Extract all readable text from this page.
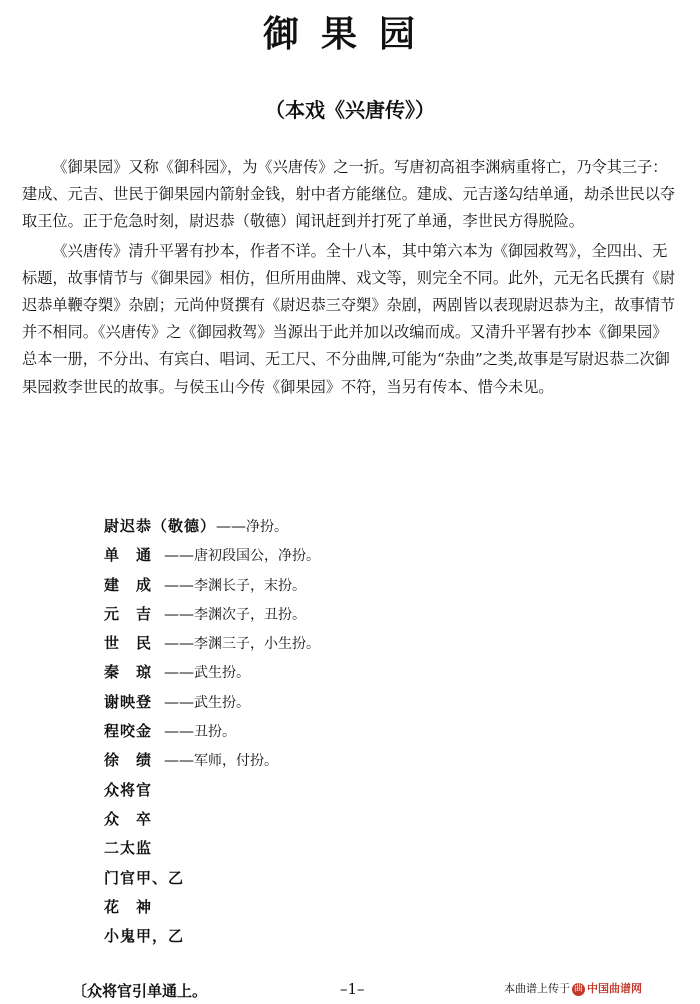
御果园
（本戏《兴唐传》）

《御果园》又称《御科园》，为《兴唐传》之一折。写唐初高祖李渊病重将亡，乃令其三子：建成、元吉、世民于御果园内箭射金钱，射中者方能继位。建成、元吉遂勾结单通，劫杀世民以夺取王位。正于危急时刻，尉迟恭（敬德）闻讯赶到并打死了单通，李世民方得脱险。

《兴唐传》清升平署有抄本，作者不详。全十八本，其中第六本为《御园救驾》，全四出、无标题，故事情节与《御果园》相仿，但所用曲牌、戏文等，则完全不同。此外，元无名氏撰有《尉迟恭单鞭夺槊》杂剧；元尚仲贤撰有《尉迟恭三夺槊》杂剧，两剧皆以表现尉迟恭为主，故事情节并不相同。《兴唐传》之《御园救驾》当源出于此并加以改编而成。又清升平署有抄本《御果园》总本一册，不分出、有宾白、唱词、无工尺、不分曲牌,可能为“杂曲”之类,故事是写尉迟恭二次御果园救李世民的故事。与侯玉山今传《御果园》不符，当另有传本、惜今未见。

尉迟恭（敬德）——净扮。
单　通 ——唐初段国公，净扮。
建　成 ——李渊长子，末扮。
元　吉 ——李渊次子，丑扮。
世　民 ——李渊三子，小生扮。
秦　琼 ——武生扮。
谢映登 ——武生扮。
程咬金 ——丑扮。
徐　绩 ——军师，付扮。
众将官
众　卒
二太监
门官甲、乙
花　神
小鬼甲，乙
〔众将官引单通上。	–1–	本曲谱上传于 曲 中国曲谱网
